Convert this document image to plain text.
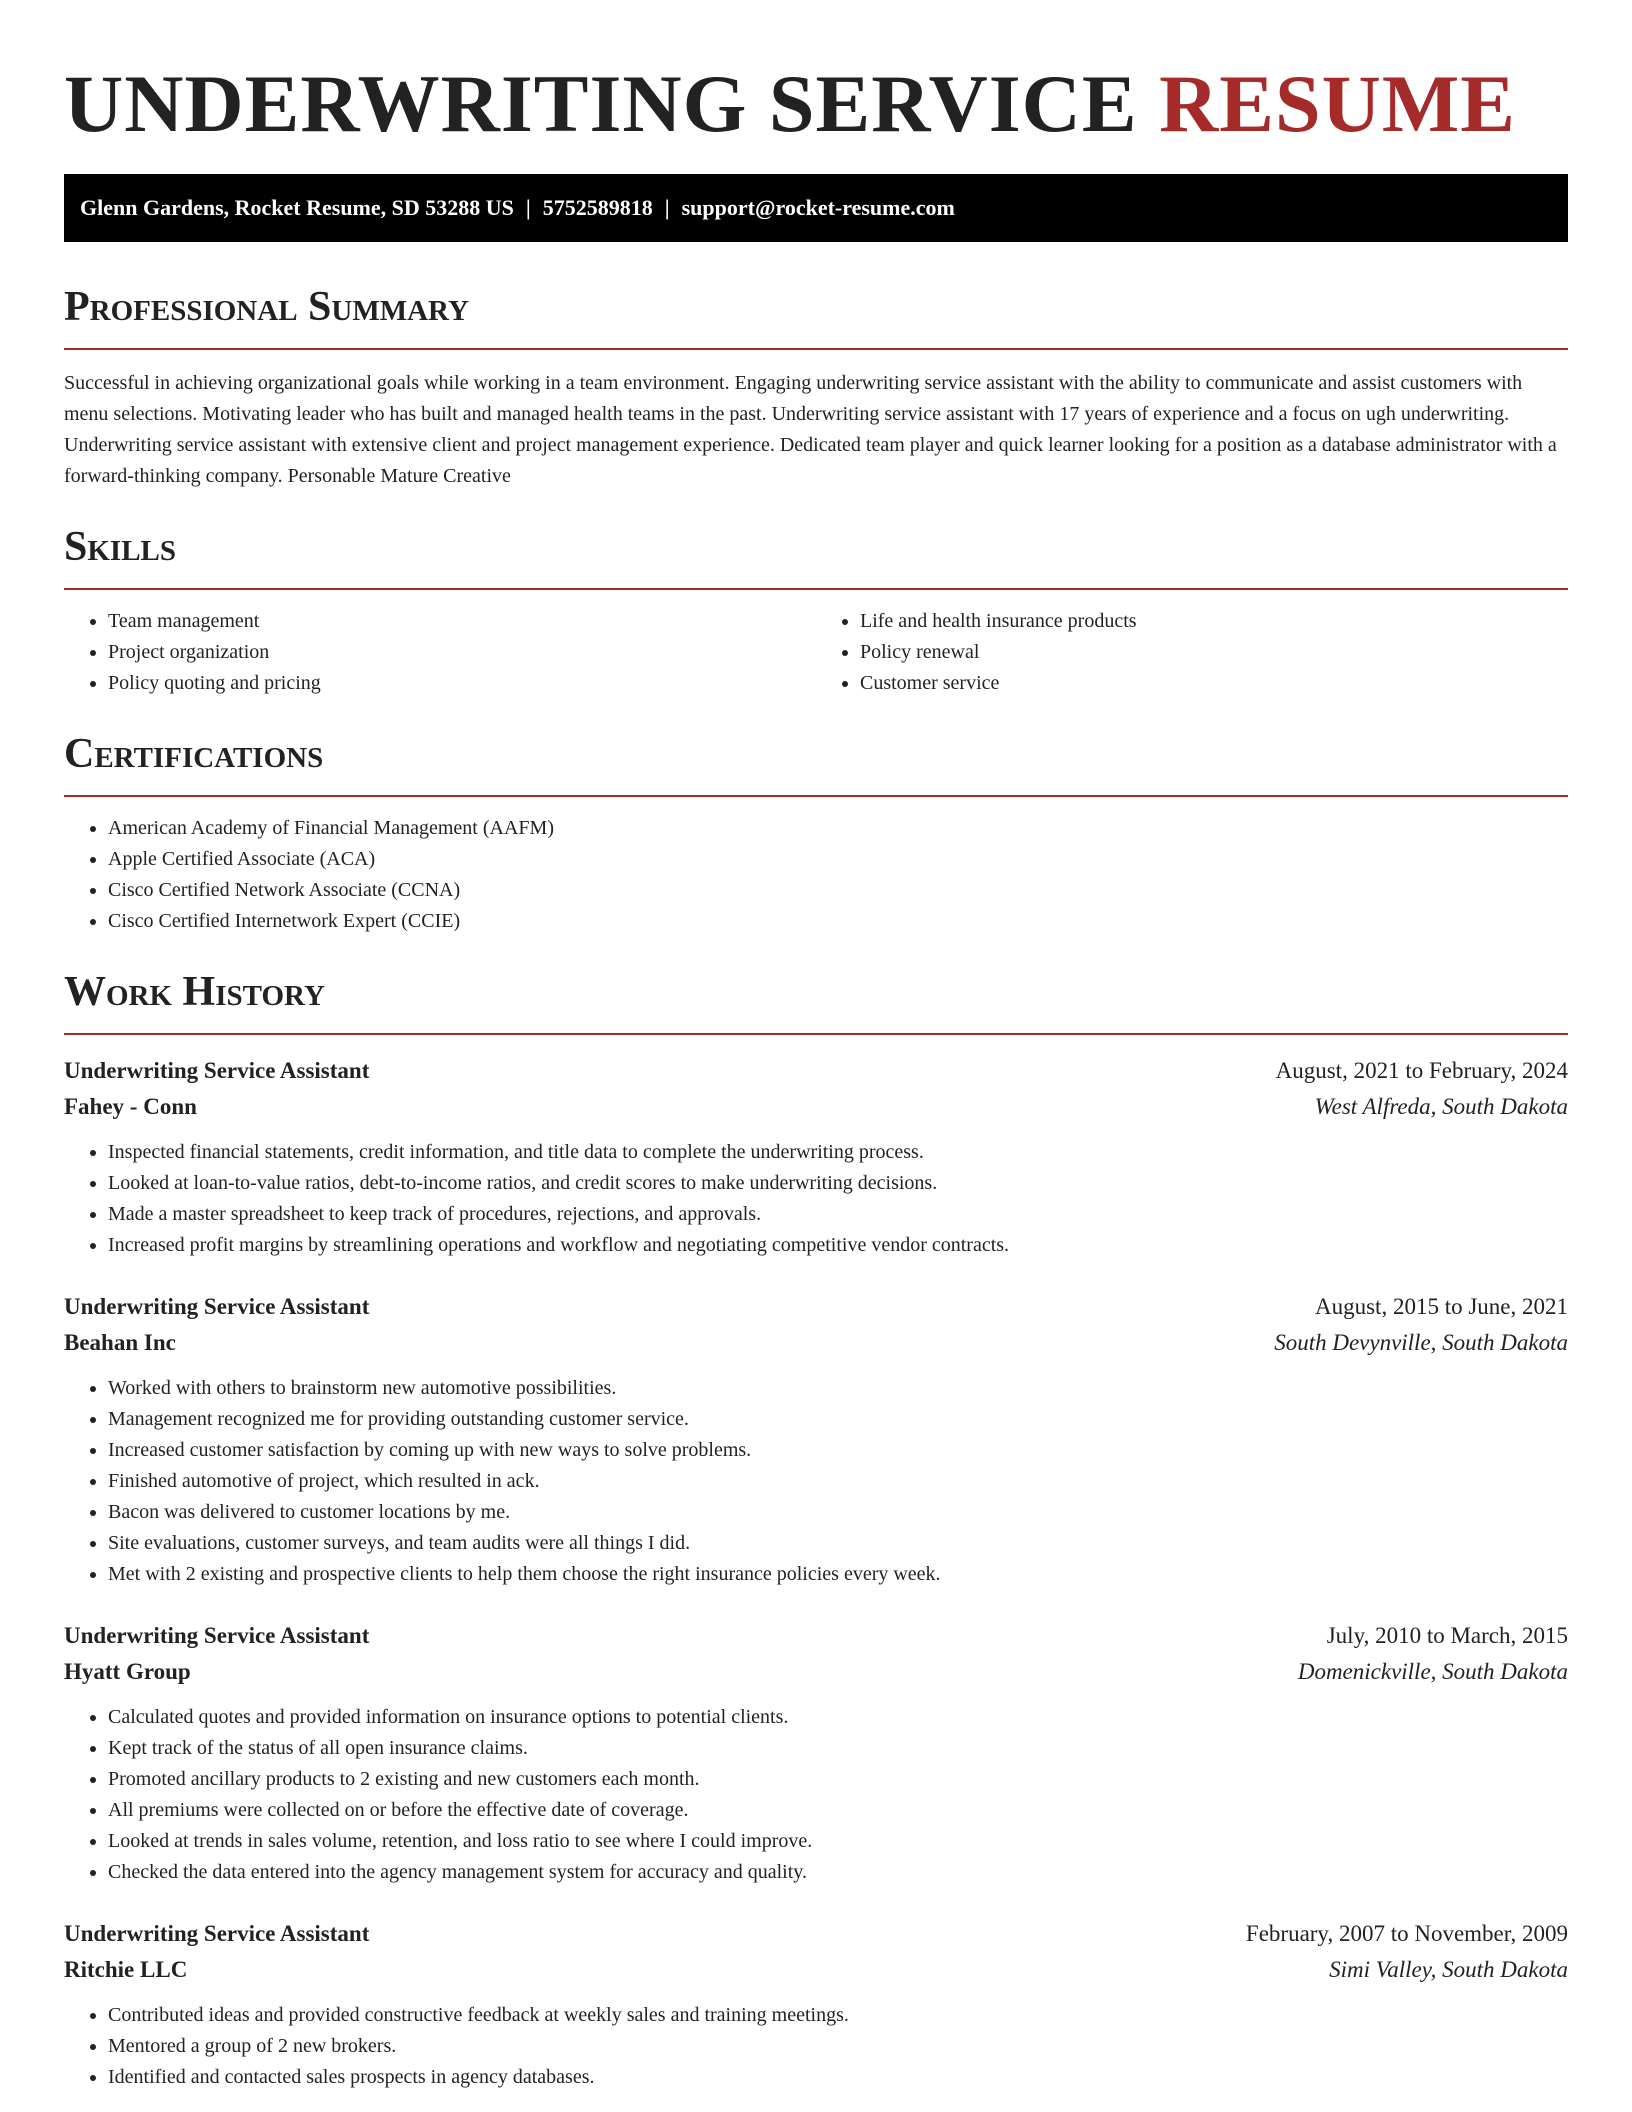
UNDERWRITING SERVICE RESUME
Glenn Gardens, Rocket Resume, SD 53288 US | 5752589818 | support@rocket-resume.com
Professional Summary

Successful in achieving organizational goals while working in a team environment. Engaging underwriting service assistant with the ability to communicate and assist customers with menu selections. Motivating leader who has built and managed health teams in the past. Underwriting service assistant with 17 years of experience and a focus on ugh underwriting. Underwriting service assistant with extensive client and project management experience. Dedicated team player and quick learner looking for a position as a database administrator with a forward-thinking company. Personable Mature Creative

Skills
• Team management
• Project organization
• Policy quoting and pricing
• Life and health insurance products
• Policy renewal
• Customer service
Certifications
• American Academy of Financial Management (AAFM)
• Apple Certified Associate (ACA)
• Cisco Certified Network Associate (CCNA)
• Cisco Certified Internetwork Expert (CCIE)
Work History
Underwriting Service Assistant	August, 2021 to February, 2024
Fahey - Conn	West Alfreda, South Dakota
• Inspected financial statements, credit information, and title data to complete the underwriting process.
• Looked at loan-to-value ratios, debt-to-income ratios, and credit scores to make underwriting decisions.
• Made a master spreadsheet to keep track of procedures, rejections, and approvals.
• Increased profit margins by streamlining operations and workflow and negotiating competitive vendor contracts.
Underwriting Service Assistant	August, 2015 to June, 2021
Beahan Inc	South Devynville, South Dakota
• Worked with others to brainstorm new automotive possibilities.
• Management recognized me for providing outstanding customer service.
• Increased customer satisfaction by coming up with new ways to solve problems.
• Finished automotive of project, which resulted in ack.
• Bacon was delivered to customer locations by me.
• Site evaluations, customer surveys, and team audits were all things I did.
• Met with 2 existing and prospective clients to help them choose the right insurance policies every week.
Underwriting Service Assistant	July, 2010 to March, 2015
Hyatt Group	Domenickville, South Dakota
• Calculated quotes and provided information on insurance options to potential clients.
• Kept track of the status of all open insurance claims.
• Promoted ancillary products to 2 existing and new customers each month.
• All premiums were collected on or before the effective date of coverage.
• Looked at trends in sales volume, retention, and loss ratio to see where I could improve.
• Checked the data entered into the agency management system for accuracy and quality.
Underwriting Service Assistant	February, 2007 to November, 2009
Ritchie LLC	Simi Valley, South Dakota
• Contributed ideas and provided constructive feedback at weekly sales and training meetings.
• Mentored a group of 2 new brokers.
• Identified and contacted sales prospects in agency databases.
